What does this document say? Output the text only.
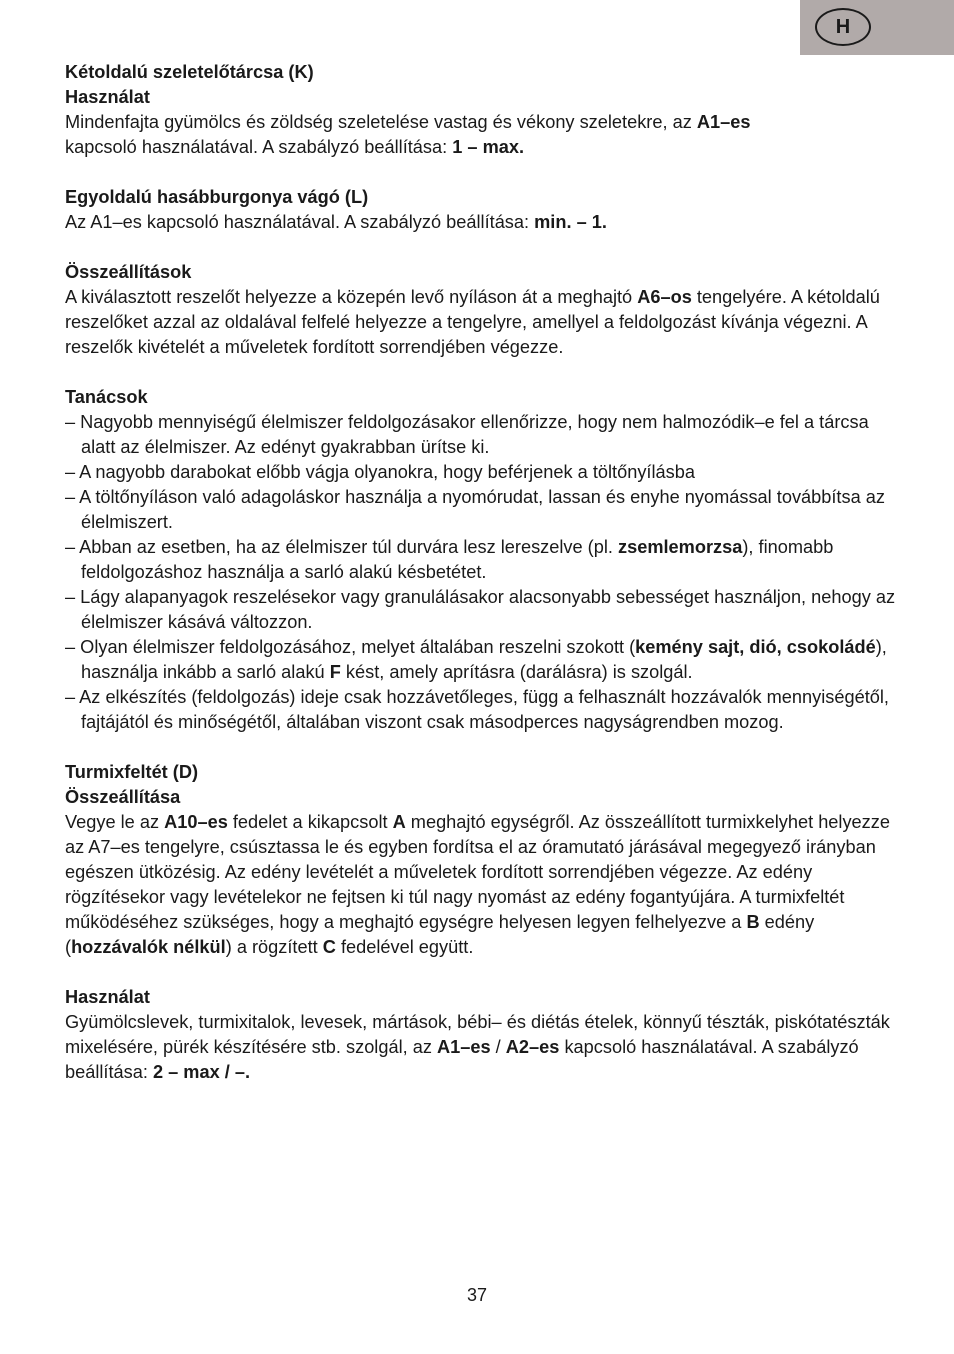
H

Kétoldalú szeletelőtárcsa (K)

Használat

Mindenfajta gyümölcs és zöldség szeletelése vastag és vékony szeletekre, az A1–es
kapcsoló használatával. A szabályzó beállítása: 1 – max.

Egyoldalú hasábburgonya vágó (L)

Az A1–es kapcsoló használatával. A szabályzó beállítása: min. – 1.

Összeállítások

A kiválasztott reszelőt helyezze a közepén levő nyíláson át a meghajtó A6–os tengelyére. A kétoldalú reszelőket azzal az oldalával felfelé helyezze a tengelyre, amellyel a feldolgozást kívánja végezni. A reszelők kivételét a műveletek fordított sorrendjében végezze.

Tanácsok

– Nagyobb mennyiségű élelmiszer feldolgozásakor ellenőrizze, hogy nem halmozódik–e fel a tárcsa alatt az élelmiszer. Az edényt gyakrabban ürítse ki.
– A nagyobb darabokat előbb vágja olyanokra, hogy beférjenek a töltőnyílásba
– A töltőnyíláson való adagoláskor használja a nyomórudat, lassan és enyhe nyomással továbbítsa az élelmiszert.
– Abban az esetben, ha az élelmiszer túl durvára lesz lereszelve (pl. zsemlemorzsa), finomabb feldolgozáshoz használja a sarló alakú késbetétet.
– Lágy alapanyagok reszelésekor vagy granulálásakor alacsonyabb sebességet használjon, nehogy az élelmiszer kásává változzon.
– Olyan élelmiszer feldolgozásához, melyet általában reszelni szokott (kemény sajt, dió, csokoládé), használja inkább a sarló alakú F kést, amely aprításra (darálásra) is szolgál.
– Az elkészítés (feldolgozás) ideje csak hozzávetőleges, függ a felhasznált hozzávalók mennyiségétől, fajtájától és minőségétől, általában viszont csak másodperces nagyságrendben mozog.

Turmixfeltét (D)

Összeállítása

Vegye le az A10–es fedelet a kikapcsolt A meghajtó egységről. Az összeállított turmixkelyhet helyezze az A7–es tengelyre, csúsztassa le és egyben fordítsa el az óramutató járásával megegyező irányban egészen ütközésig. Az edény levételét a műveletek fordított sorrendjében végezze. Az edény rögzítésekor vagy levételekor ne fejtsen ki túl nagy nyomást az edény fogantyújára. A turmixfeltét működéséhez szükséges, hogy a meghajtó egységre helyesen legyen felhelyezve a B edény (hozzávalók nélkül) a rögzített C fedelével együtt.

Használat

Gyümölcslevek, turmixitalok, levesek, mártások, bébi– és diétás ételek, könnyű tészták, piskótatészták mixelésére, pürék készítésére stb. szolgál, az A1–es / A2–es kapcsoló használatával. A szabályzó beállítása: 2 – max / –.

37
